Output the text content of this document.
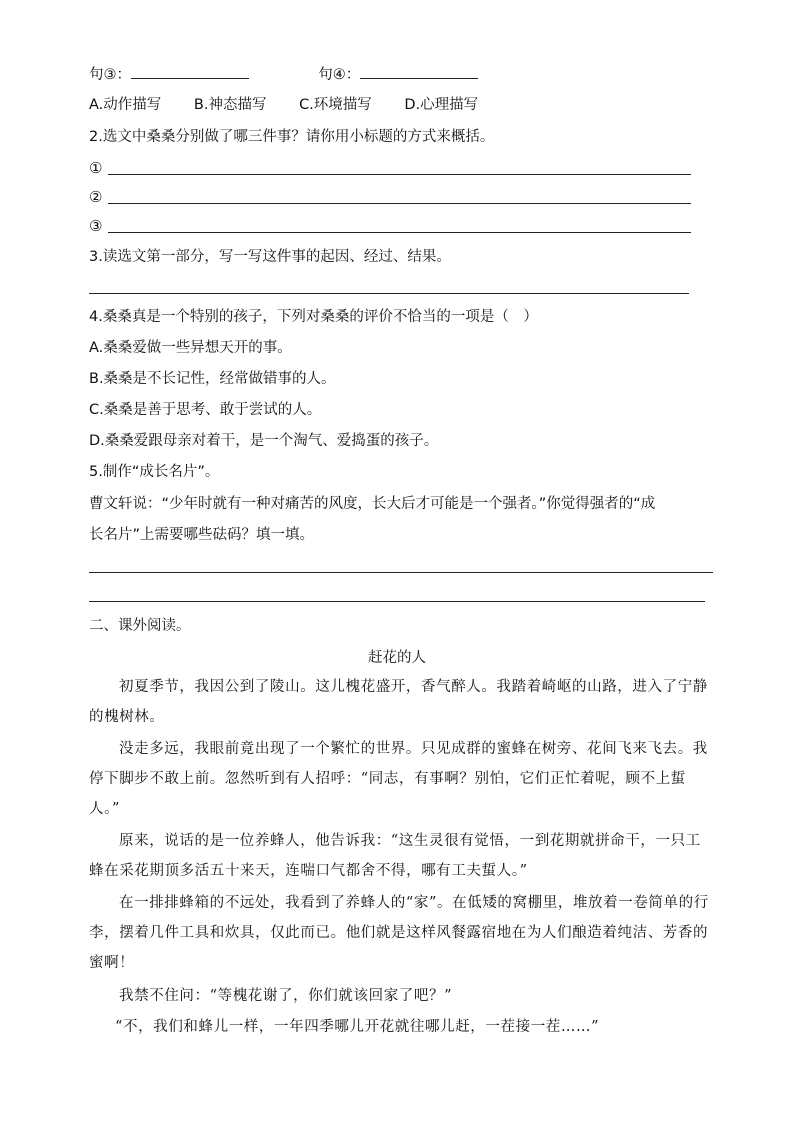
句③：	句④：
A.动作描写 B.神态描写 C.环境描写 D.心理描写
2.选文中桑桑分别做了哪三件事？请你用小标题的方式来概括。
①
②
③
3.读选文第一部分，写一写这件事的起因、经过、结果。
4.桑桑真是一个特别的孩子，下列对桑桑的评价不恰当的一项是（　）
A.桑桑爱做一些异想天开的事。
B.桑桑是不长记性，经常做错事的人。
C.桑桑是善于思考、敢于尝试的人。
D.桑桑爱跟母亲对着干，是一个淘气、爱捣蛋的孩子。
5.制作“成长名片”。
曹文轩说：“少年时就有一种对痛苦的风度，长大后才可能是一个强者。”你觉得强者的“成
长名片”上需要哪些砝码？填一填。
二、课外阅读。
赶花的人
初夏季节，我因公到了陵山。这儿槐花盛开，香气醉人。我踏着崎岖的山路，进入了宁静的槐树林。
没走多远，我眼前竟出现了一个繁忙的世界。只见成群的蜜蜂在树旁、花间飞来飞去。我停下脚步不敢上前。忽然听到有人招呼：“同志，有事啊？别怕，它们正忙着呢，顾不上蜇人。”
原来，说话的是一位养蜂人，他告诉我：“这生灵很有觉悟，一到花期就拼命干，一只工蜂在采花期顶多活五十来天，连喘口气都舍不得，哪有工夫蜇人。”
在一排排蜂箱的不远处，我看到了养蜂人的“家”。在低矮的窝棚里，堆放着一卷简单的行李，摆着几件工具和炊具，仅此而已。他们就是这样风餐露宿地在为人们酿造着纯洁、芳香的蜜啊！
我禁不住问：“等槐花谢了，你们就该回家了吧？”
“不，我们和蜂儿一样，一年四季哪儿开花就往哪儿赶，一茬接一茬……”
